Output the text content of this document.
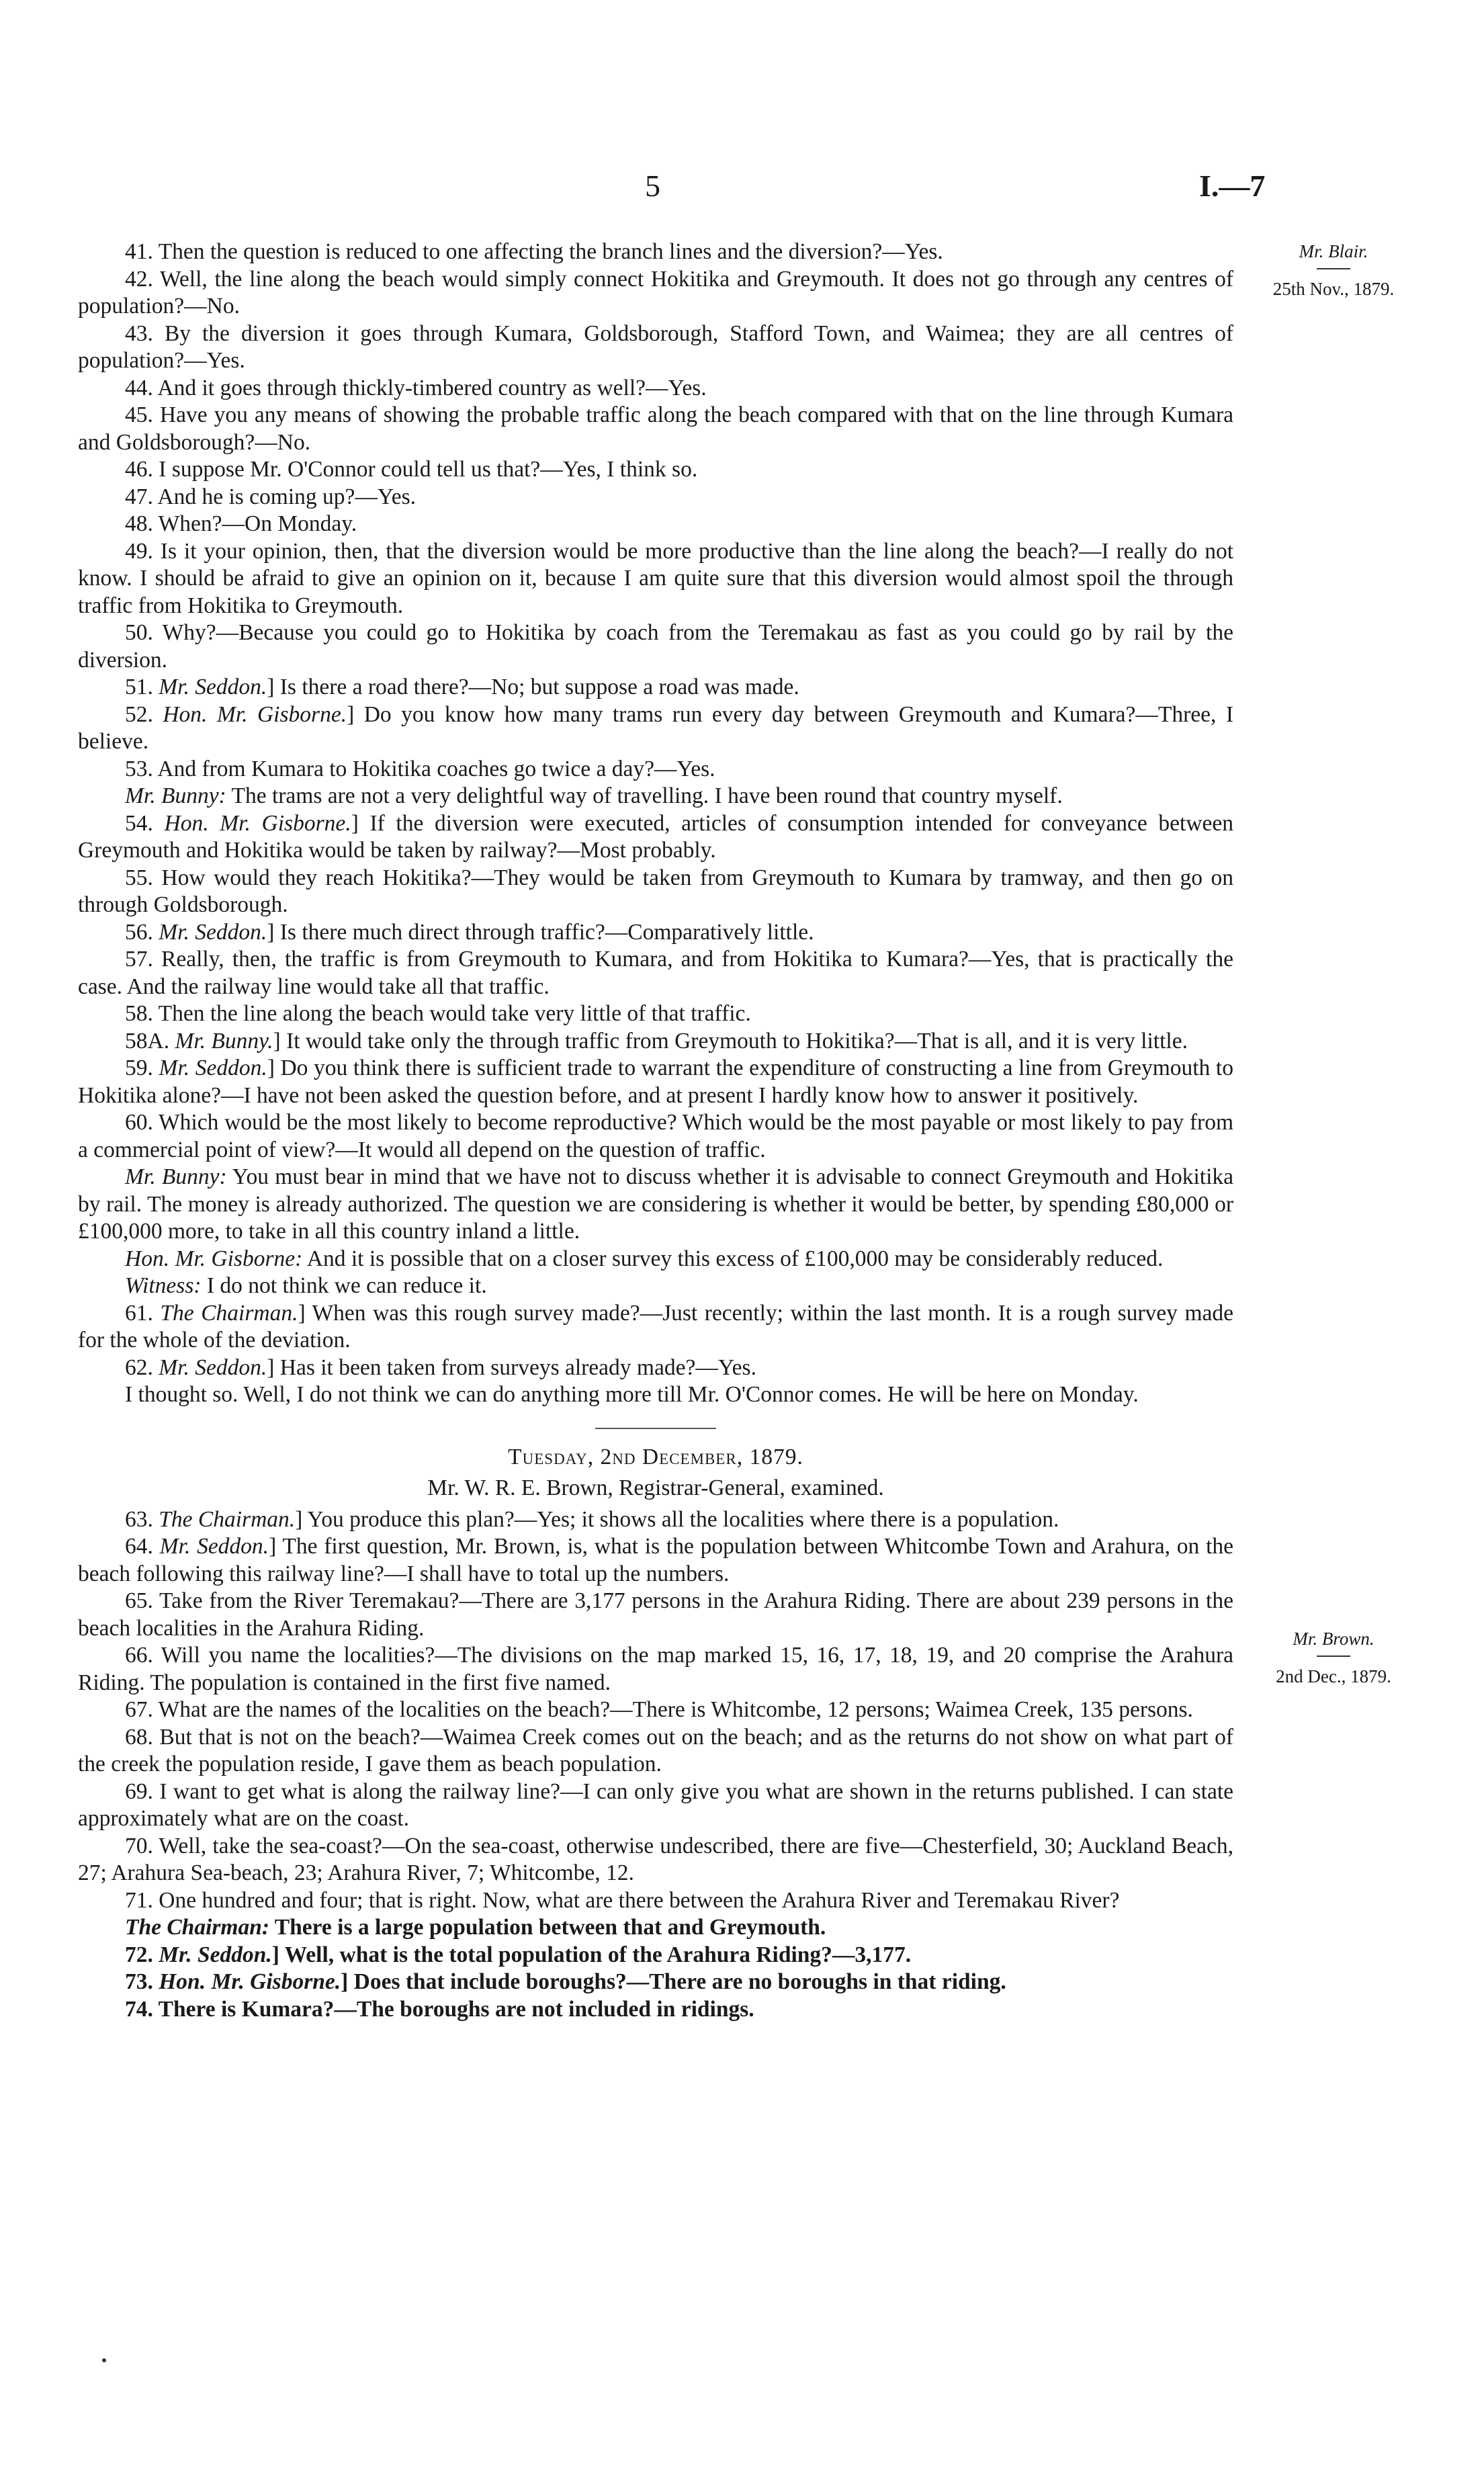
5	I.—7
Mr. Blair.
25th Nov., 1879.
Mr. Brown.
2nd Dec., 1879.

41. Then the question is reduced to one affecting the branch lines and the diversion?—Yes.

42. Well, the line along the beach would simply connect Hokitika and Greymouth. It does not go through any centres of population?—No.

43. By the diversion it goes through Kumara, Goldsborough, Stafford Town, and Waimea; they are all centres of population?—Yes.

44. And it goes through thickly-timbered country as well?—Yes.

45. Have you any means of showing the probable traffic along the beach compared with that on the line through Kumara and Goldsborough?—No.

46. I suppose Mr. O'Connor could tell us that?—Yes, I think so.

47. And he is coming up?—Yes.

48. When?—On Monday.

49. Is it your opinion, then, that the diversion would be more productive than the line along the beach?—I really do not know. I should be afraid to give an opinion on it, because I am quite sure that this diversion would almost spoil the through traffic from Hokitika to Greymouth.

50. Why?—Because you could go to Hokitika by coach from the Teremakau as fast as you could go by rail by the diversion.

51. Mr. Seddon.] Is there a road there?—No; but suppose a road was made.

52. Hon. Mr. Gisborne.] Do you know how many trams run every day between Greymouth and Kumara?—Three, I believe.

53. And from Kumara to Hokitika coaches go twice a day?—Yes.

Mr. Bunny: The trams are not a very delightful way of travelling. I have been round that country myself.

54. Hon. Mr. Gisborne.] If the diversion were executed, articles of consumption intended for conveyance between Greymouth and Hokitika would be taken by railway?—Most probably.

55. How would they reach Hokitika?—They would be taken from Greymouth to Kumara by tramway, and then go on through Goldsborough.

56. Mr. Seddon.] Is there much direct through traffic?—Comparatively little.

57. Really, then, the traffic is from Greymouth to Kumara, and from Hokitika to Kumara?—Yes, that is practically the case. And the railway line would take all that traffic.

58. Then the line along the beach would take very little of that traffic.

58A. Mr. Bunny.] It would take only the through traffic from Greymouth to Hokitika?—That is all, and it is very little.

59. Mr. Seddon.] Do you think there is sufficient trade to warrant the expenditure of constructing a line from Greymouth to Hokitika alone?—I have not been asked the question before, and at present I hardly know how to answer it positively.

60. Which would be the most likely to become reproductive? Which would be the most payable or most likely to pay from a commercial point of view?—It would all depend on the question of traffic.

Mr. Bunny: You must bear in mind that we have not to discuss whether it is advisable to connect Greymouth and Hokitika by rail. The money is already authorized. The question we are considering is whether it would be better, by spending £80,000 or £100,000 more, to take in all this country inland a little.

Hon. Mr. Gisborne: And it is possible that on a closer survey this excess of £100,000 may be considerably reduced.

Witness: I do not think we can reduce it.

61. The Chairman.] When was this rough survey made?—Just recently; within the last month. It is a rough survey made for the whole of the deviation.

62. Mr. Seddon.] Has it been taken from surveys already made?—Yes.

I thought so. Well, I do not think we can do anything more till Mr. O'Connor comes. He will be here on Monday.

Tuesday, 2nd December, 1879.

Mr. W. R. E. Brown, Registrar-General, examined.

63. The Chairman.] You produce this plan?—Yes; it shows all the localities where there is a population.

64. Mr. Seddon.] The first question, Mr. Brown, is, what is the population between Whitcombe Town and Arahura, on the beach following this railway line?—I shall have to total up the numbers.

65. Take from the River Teremakau?—There are 3,177 persons in the Arahura Riding. There are about 239 persons in the beach localities in the Arahura Riding.

66. Will you name the localities?—The divisions on the map marked 15, 16, 17, 18, 19, and 20 comprise the Arahura Riding. The population is contained in the first five named.

67. What are the names of the localities on the beach?—There is Whitcombe, 12 persons; Waimea Creek, 135 persons.

68. But that is not on the beach?—Waimea Creek comes out on the beach; and as the returns do not show on what part of the creek the population reside, I gave them as beach population.

69. I want to get what is along the railway line?—I can only give you what are shown in the returns published. I can state approximately what are on the coast.

70. Well, take the sea-coast?—On the sea-coast, otherwise undescribed, there are five—Chesterfield, 30; Auckland Beach, 27; Arahura Sea-beach, 23; Arahura River, 7; Whitcombe, 12.

71. One hundred and four; that is right. Now, what are there between the Arahura River and Teremakau River?

The Chairman: There is a large population between that and Greymouth.

72. Mr. Seddon.] Well, what is the total population of the Arahura Riding?—3,177.

73. Hon. Mr. Gisborne.] Does that include boroughs?—There are no boroughs in that riding.

74. There is Kumara?—The boroughs are not included in ridings.
